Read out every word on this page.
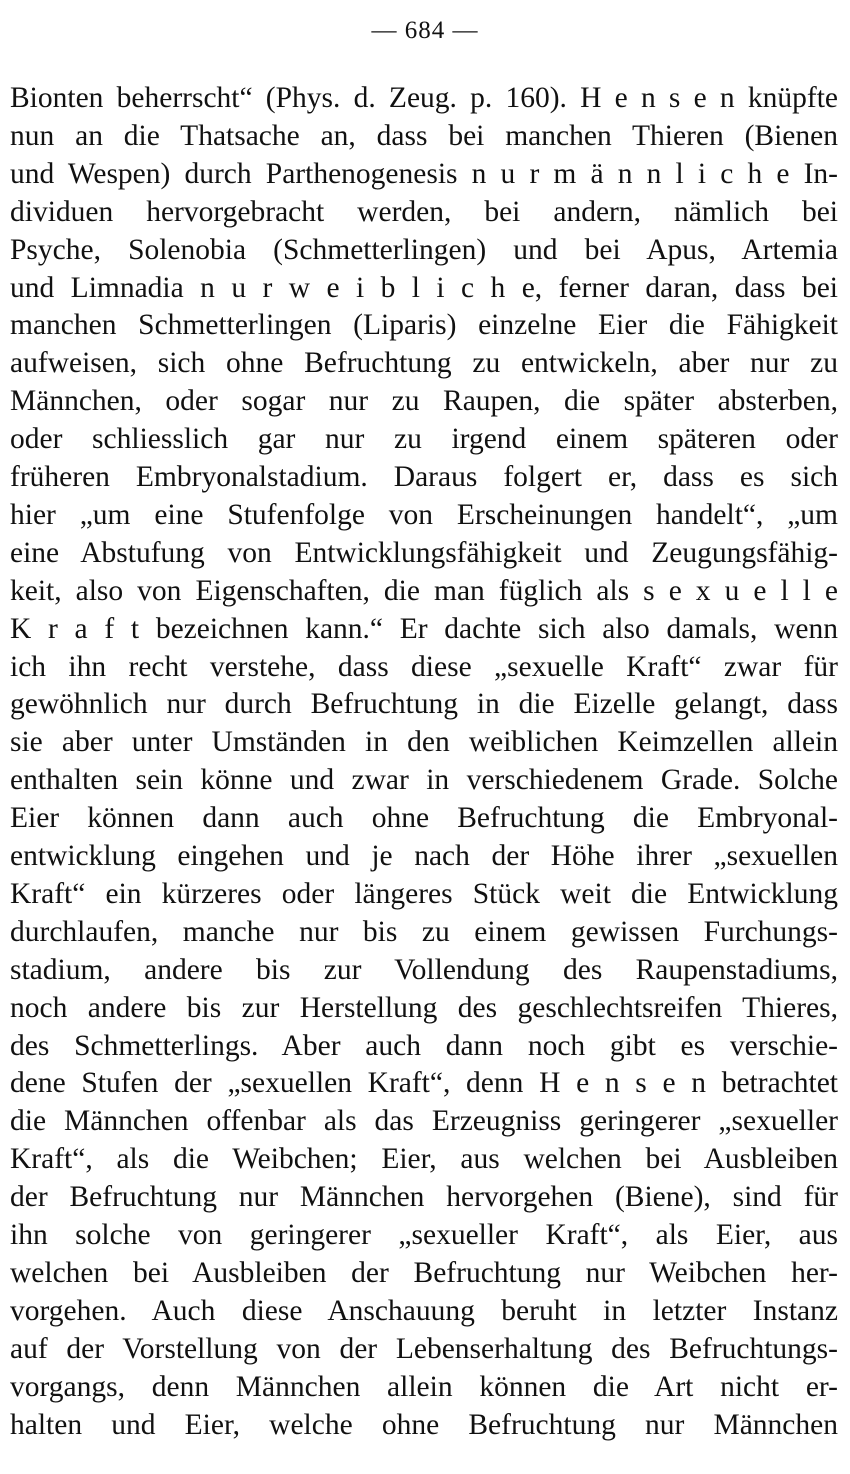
— 684 —
Bionten beherrscht“ (Phys. d. Zeug. p. 160). H e n s e n knüpfte
nun an die Thatsache an, dass bei manchen Thieren (Bienen
und Wespen) durch Parthenogenesis n u r m ä n n l i c h e In-
dividuen hervorgebracht werden, bei andern, nämlich bei
Psyche, Solenobia (Schmetterlingen) und bei Apus, Artemia
und Limnadia n u r w e i b l i c h e, ferner daran, dass bei
manchen Schmetterlingen (Liparis) einzelne Eier die Fähigkeit
aufweisen, sich ohne Befruchtung zu entwickeln, aber nur zu
Männchen, oder sogar nur zu Raupen, die später absterben,
oder schliesslich gar nur zu irgend einem späteren oder
früheren Embryonalstadium. Daraus folgert er, dass es sich
hier „um eine Stufenfolge von Erscheinungen handelt“, „um
eine Abstufung von Entwicklungsfähigkeit und Zeugungsfähig-
keit, also von Eigenschaften, die man füglich als s e x u e l l e
K r a f t bezeichnen kann.“ Er dachte sich also damals, wenn
ich ihn recht verstehe, dass diese „sexuelle Kraft“ zwar für
gewöhnlich nur durch Befruchtung in die Eizelle gelangt, dass
sie aber unter Umständen in den weiblichen Keimzellen allein
enthalten sein könne und zwar in verschiedenem Grade. Solche
Eier können dann auch ohne Befruchtung die Embryonal-
entwicklung eingehen und je nach der Höhe ihrer „sexuellen
Kraft“ ein kürzeres oder längeres Stück weit die Entwicklung
durchlaufen, manche nur bis zu einem gewissen Furchungs-
stadium, andere bis zur Vollendung des Raupenstadiums,
noch andere bis zur Herstellung des geschlechtsreifen Thieres,
des Schmetterlings. Aber auch dann noch gibt es verschie-
dene Stufen der „sexuellen Kraft“, denn H e n s e n betrachtet
die Männchen offenbar als das Erzeugniss geringerer „sexueller
Kraft“, als die Weibchen; Eier, aus welchen bei Ausbleiben
der Befruchtung nur Männchen hervorgehen (Biene), sind für
ihn solche von geringerer „sexueller Kraft“, als Eier, aus
welchen bei Ausbleiben der Befruchtung nur Weibchen her-
vorgehen. Auch diese Anschauung beruht in letzter Instanz
auf der Vorstellung von der Lebenserhaltung des Befruchtungs-
vorgangs, denn Männchen allein können die Art nicht er-
halten und Eier, welche ohne Befruchtung nur Männchen
